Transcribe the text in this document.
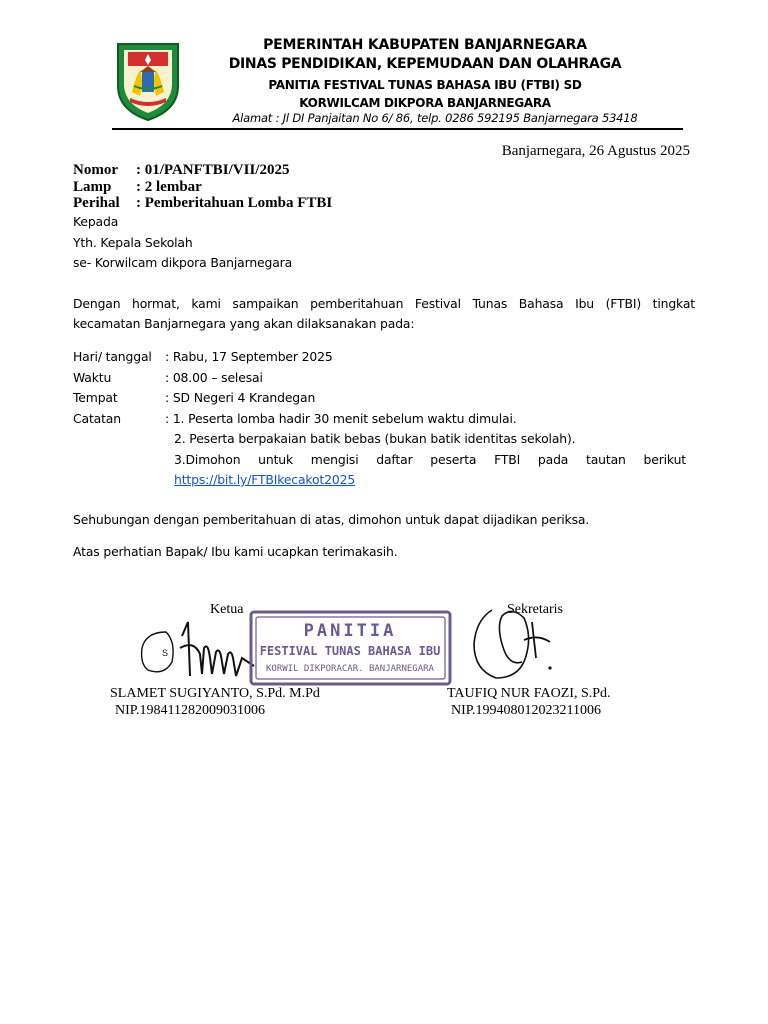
PEMERINTAH KABUPATEN BANJARNEGARA
DINAS PENDIDIKAN, KEPEMUDAAN DAN OLAHRAGA
PANITIA FESTIVAL TUNAS BAHASA IBU (FTBI) SD
KORWILCAM DIKPORA BANJARNEGARA
Alamat : Jl DI Panjaitan No 6/ 86, telp. 0286 592195 Banjarnegara 53418
Banjarnegara, 26 Agustus 2025
Nomor : 01/PANFTBI/VII/2025
Lamp : 2 lembar
Perihal : Pemberitahuan Lomba FTBI
Kepada
Yth. Kepala Sekolah
se- Korwilcam dikpora Banjarnegara
Dengan hormat, kami sampaikan pemberitahuan Festival Tunas Bahasa Ibu (FTBI) tingkat
kecamatan Banjarnegara yang akan dilaksanakan pada:
Hari/ tanggal : Rabu, 17 September 2025
Waktu	: 08.00 – selesai
Tempat	: SD Negeri 4 Krandegan
Catatan	: 1. Peserta lomba hadir 30 menit sebelum waktu dimulai.
2. Peserta berpakaian batik bebas (bukan batik identitas sekolah).
3.Dimohon untuk mengisi daftar peserta FTBI pada tautan berikut
https://bit.ly/FTBIkecakot2025
Sehubungan dengan pemberitahuan di atas, dimohon untuk dapat dijadikan periksa.
Atas perhatian Bapak/ Ibu kami ucapkan terimakasih.
Ketua	Sekretaris
S
PANITIA
FESTIVAL TUNAS BAHASA IBU
KORWIL DIKPORACAR. BANJARNEGARA
SLAMET SUGIYANTO, S.Pd. M.Pd
NIP.198411282009031006
TAUFIQ NUR FAOZI, S.Pd.
NIP.199408012023211006
